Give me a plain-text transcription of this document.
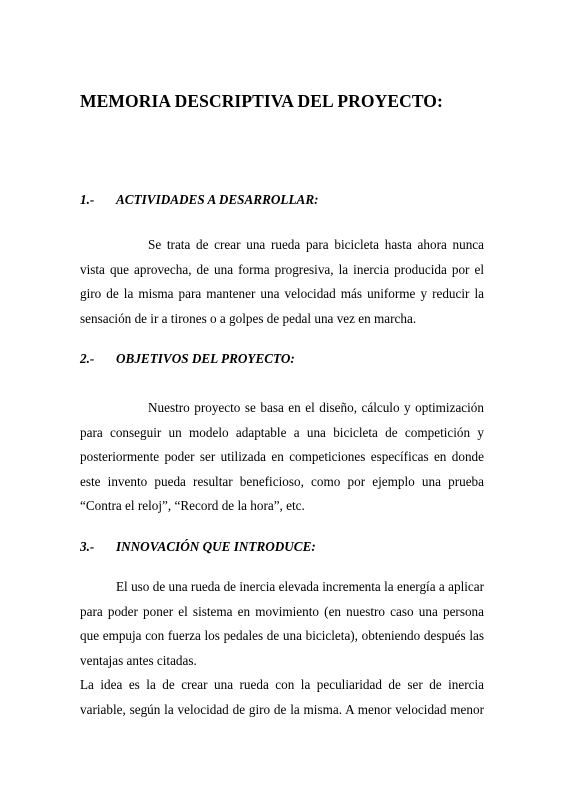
MEMORIA DESCRIPTIVA DEL PROYECTO:
1.- ACTIVIDADES A DESARROLLAR:

Se trata de crear una rueda para bicicleta hasta ahora nunca vista que aprovecha, de una forma progresiva, la inercia producida por el giro de la misma para mantener una velocidad más uniforme y reducir la sensación de ir a tirones o a golpes de pedal una vez en marcha.

2.- OBJETIVOS DEL PROYECTO:

Nuestro proyecto se basa en el diseño, cálculo y optimización para conseguir un modelo adaptable a una bicicleta de competición y posteriormente poder ser utilizada en competiciones específicas en donde este invento pueda resultar beneficioso, como por ejemplo una prueba “Contra el reloj”, “Record de la hora”, etc.

3.- INNOVACIÓN QUE INTRODUCE:

El uso de una rueda de inercia elevada incrementa la energía a aplicar para poder poner el sistema en movimiento (en nuestro caso una persona que empuja con fuerza los pedales de una bicicleta), obteniendo después las ventajas antes citadas.

La idea es la de crear una rueda con la peculiaridad de ser de inercia variable, según la velocidad de giro de la misma. A menor velocidad menor
